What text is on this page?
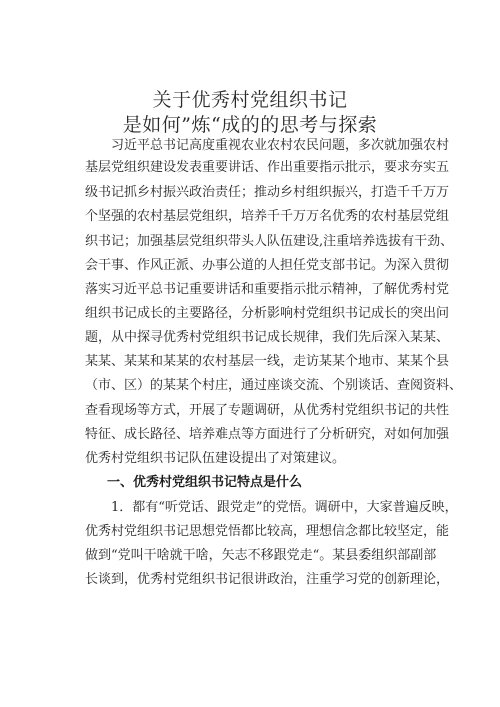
关于优秀村党组织书记
是如何”炼“成的的思考与探索
习近平总书记高度重视农业农村农民问题，多次就加强农村
基层党组织建设发表重要讲话、作出重要指示批示，要求夯实五
级书记抓乡村振兴政治责任；推动乡村组织振兴，打造千千万万
个坚强的农村基层党组织，培养千千万万名优秀的农村基层党组
织书记；加强基层党组织带头人队伍建设,注重培养选拔有干劲、
会干事、作风正派、办事公道的人担任党支部书记。为深入贯彻
落实习近平总书记重要讲话和重要指示批示精神，了解优秀村党
组织书记成长的主要路径，分析影响村党组织书记成长的突出问
题，从中探寻优秀村党组织书记成长规律，我们先后深入某某、
某某、某某和某某的农村基层一线，走访某某个地市、某某个县
（市、区）的某某个村庄，通过座谈交流、个别谈话、查阅资料、
查看现场等方式，开展了专题调研，从优秀村党组织书记的共性
特征、成长路径、培养难点等方面进行了分析研究，对如何加强
优秀村党组织书记队伍建设提出了对策建议。
一、优秀村党组织书记特点是什么
1．都有“听党话、跟党走”的党悟。调研中，大家普遍反映，
优秀村党组织书记思想党悟都比较高，理想信念都比较坚定，能
做到“党叫干啥就干啥，矢志不移跟党走“。某县委组织部副部
长谈到，优秀村党组织书记很讲政治，注重学习党的创新理论，
